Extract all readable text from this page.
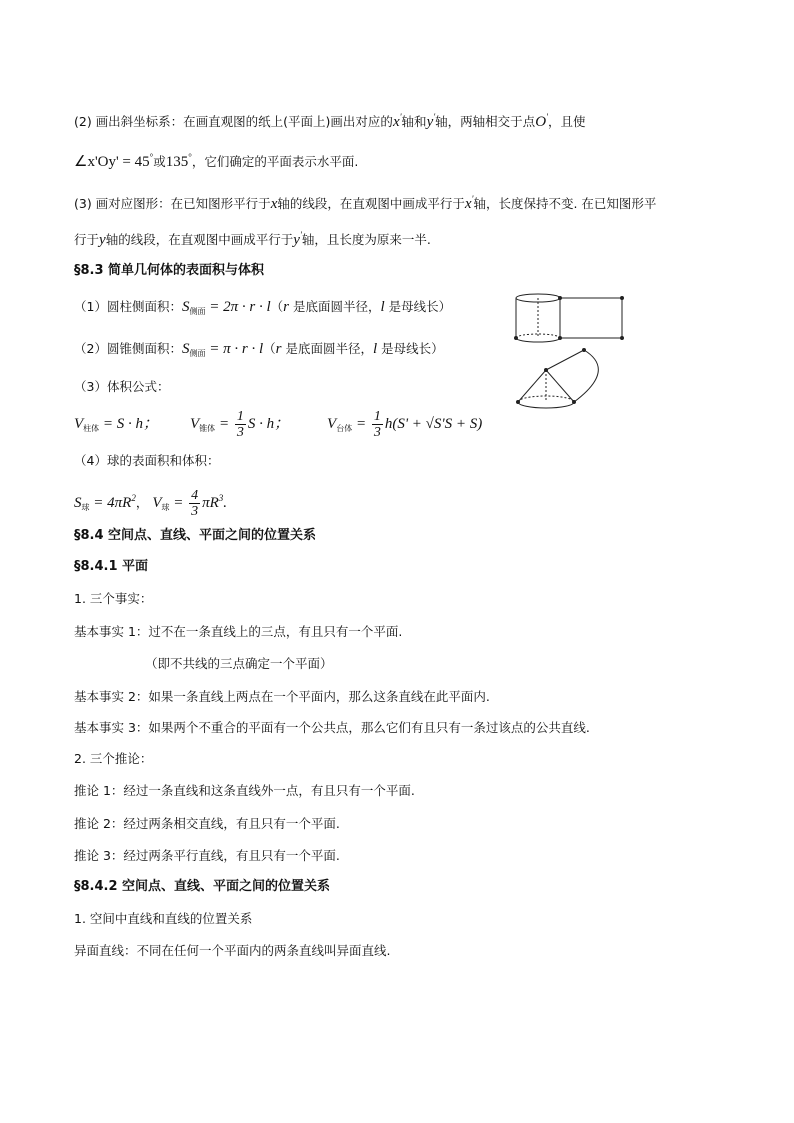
(2) 画出斜坐标系：在画直观图的纸上(平面上)画出对应的x'轴和y'轴，两轴相交于点O'，且使
∠x'Oy' = 45°或135°，它们确定的平面表示水平面.
(3) 画对应图形：在已知图形平行于x轴的线段，在直观图中画成平行于x'轴，长度保持不变. 在已知图形平
行于y轴的线段，在直观图中画成平行于y'轴，且长度为原来一半.
§8.3 简单几何体的表面积与体积
（1）圆柱侧面积：$S_{侧面} = 2\pi \cdot r \cdot l(r$ 是底面圆半径，l 是母线长）
（2）圆锥侧面积：$S_{侧面} = \pi \cdot r \cdot l(r$ 是底面圆半径，l 是母线长）
（3）体积公式：
$V_{柱体} = S \cdot h$； $V_{锥体} = \frac{1}{3}$ S · h；	$V_{台体} = \frac{1}{3} h(S' + √S'S + S)$
（4）球的表面积和体积：
$S_球 = 4\pi R^2$， $V_球 = \frac{4}{3} \pi R^3$.
§8.4 空间点、直线、平面之间的位置关系
§8.4.1 平面
1. 三个事实：
基本事实 1：过不在一条直线上的三点，有且只有一个平面.
（即不共线的三点确定一个平面）
基本事实 2：如果一条直线上两点在一个平面内，那么这条直线在此平面内.
基本事实 3：如果两个不重合的平面有一个公共点，那么它们有且只有一条过该点的公共直线.
2. 三个推论：
推论 1：经过一条直线和这条直线外一点，有且只有一个平面.
推论 2：经过两条相交直线，有且只有一个平面.
推论 3：经过两条平行直线，有且只有一个平面.
§8.4.2 空间点、直线、平面之间的位置关系
1. 空间中直线和直线的位置关系
异面直线：不同在任何一个平面内的两条直线叫异面直线.
